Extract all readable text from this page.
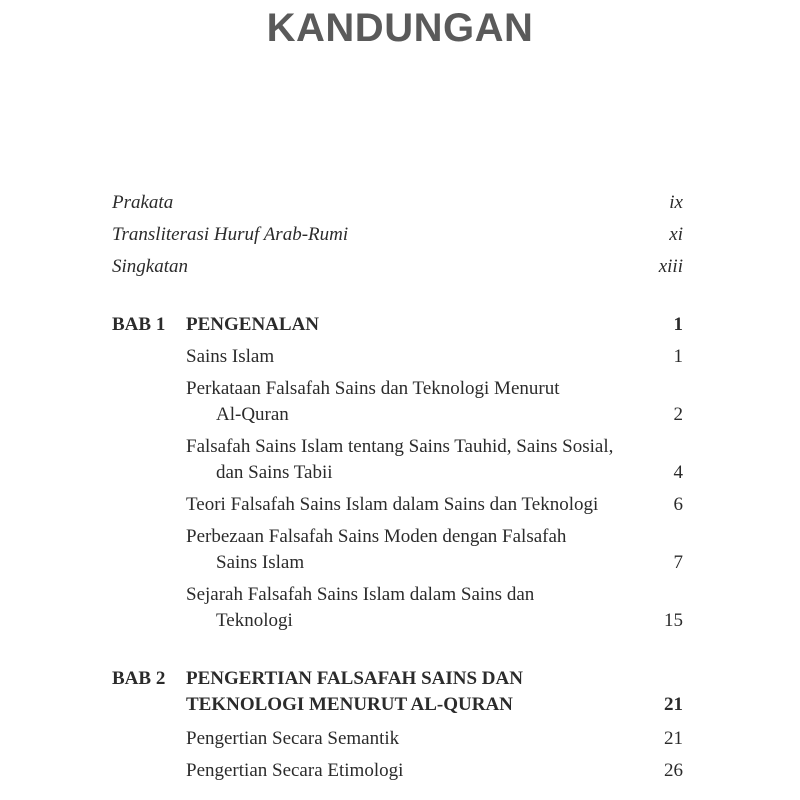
KANDUNGAN
Prakata	ix
Transliterasi Huruf Arab-Rumi	xi
Singkatan	xiii
BAB 1 PENGENALAN	1
Sains Islam	1
Perkataan Falsafah Sains dan Teknologi Menurut
Al-Quran	2
Falsafah Sains Islam tentang Sains Tauhid, Sains Sosial,
dan Sains Tabii	4
Teori Falsafah Sains Islam dalam Sains dan Teknologi	6
Perbezaan Falsafah Sains Moden dengan Falsafah
Sains Islam	7
Sejarah Falsafah Sains Islam dalam Sains dan
Teknologi	15
BAB 2 PENGERTIAN FALSAFAH SAINS DAN
TEKNOLOGI MENURUT AL-QURAN	21
Pengertian Secara Semantik	21
Pengertian Secara Etimologi	26
